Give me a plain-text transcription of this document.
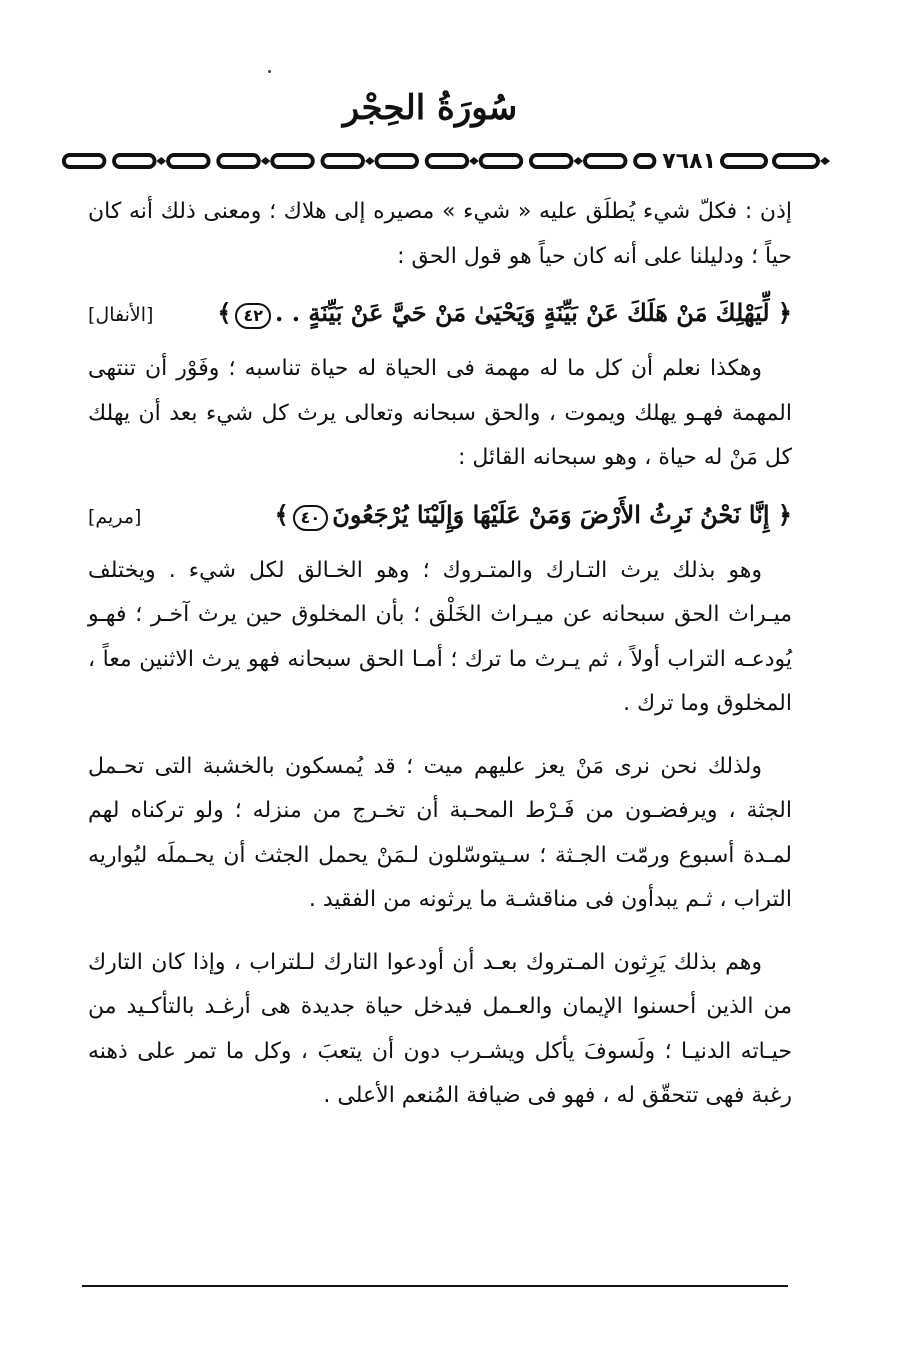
سُورَةُ الحِجْر
٧٦٨١

إذن : فكلّ شيء يُطلَق عليه « شيء » مصيره إلى هلاك ؛ ومعنى ذلك أنه كان حياً ؛ ودليلنا على أنه كان حياً هو قول الحق :

﴿ لِّيَهْلِكَ مَنْ هَلَكَ عَنْ بَيِّنَةٍ وَيَحْيَىٰ مَنْ حَيَّ عَنْ بَيِّنَةٍ . .٤٢﴾
[الأنفال]

وهكذا نعلم أن كل ما له مهمة فى الحياة له حياة تناسبه ؛ وفَوْر أن تنتهى المهمة فهـو يهلك ويموت ، والحق سبحانه وتعالى يرث كل شيء بعد أن يهلك كل مَنْ له حياة ، وهو سبحانه القائل :

﴿ إِنَّا نَحْنُ نَرِثُ الأَرْضَ وَمَنْ عَلَيْهَا وَإِلَيْنَا يُرْجَعُونَ٤٠﴾
[مريم]

وهو بذلك يرث التـارك والمتـروك ؛ وهو الخـالق لكل شيء . ويختلف ميـراث الحق سبحانه عن ميـراث الخَلْق ؛ بأن المخلوق حين يرث آخـر ؛ فهـو يُودعـه التراب أولاً ، ثم يـرث ما ترك ؛ أمـا الحق سبحانه فهو يرث الاثنين معاً ، المخلوق وما ترك .

ولذلك نحن نرى مَنْ يعز عليهم ميت ؛ قد يُمسكون بالخشبة التى تحـمل الجثة ، ويرفضـون من فَـرْط المحـبة أن تخـرج من منزله ؛ ولو تركناه لهم لمـدة أسبوع ورمّت الجـثة ؛ سـيتوسّلون لـمَنْ يحمل الجثث أن يحـملَه ليُواريه التراب ، ثـم يبدأون فى مناقشـة ما يرثونه من الفقيد .

وهم بذلك يَرِثون المـتروك بعـد أن أودعوا التارك لـلتراب ، وإذا كان التارك من الذين أحسنوا الإيمان والعـمل فيدخل حياة جديدة هى أرغـد بالتأكـيد من حيـاته الدنيـا ؛ ولَسوفَ يأكل ويشـرب دون أن يتعبَ ، وكل ما تمر على ذهنه رغبة فهى تتحقّق له ، فهو فى ضيافة المُنعم الأعلى .
